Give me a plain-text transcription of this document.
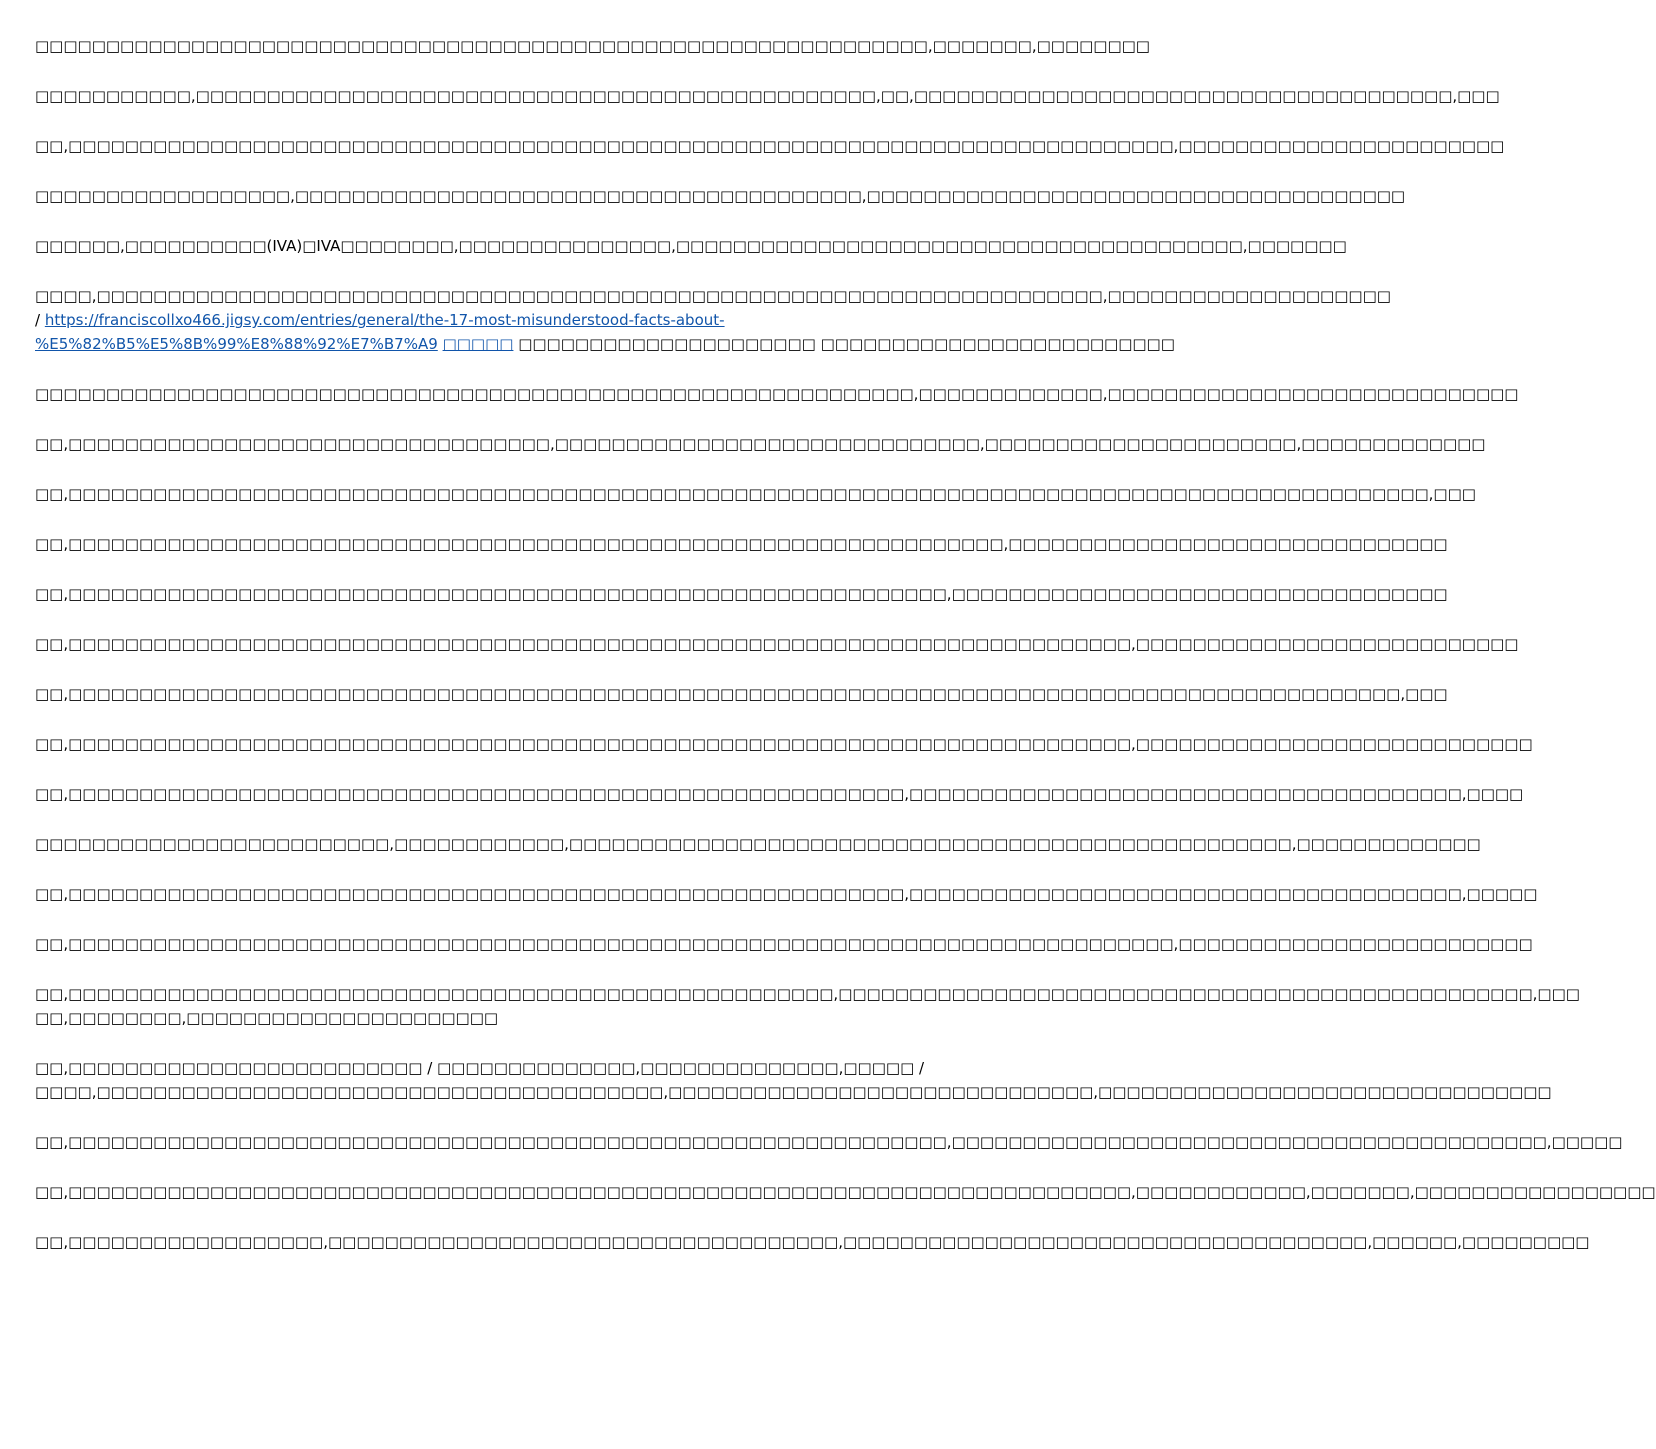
□□□□□□□□□□□□□□□□□□□□□□□□□□□□□□□□□□□□□□□□□□□□□□□□□□□□□□□□□□□□□□□,□□□□□□□,□□□□□□□□

□□□□□□□□□□□,□□□□□□□□□□□□□□□□□□□□□□□□□□□□□□□□□□□□□□□□□□□□□□□□,□□,□□□□□□□□□□□□□□□□□□□□□□□□□□□□□□□□□□□□□□,□□□

□□,□□□□□□□□□□□□□□□□□□□□□□□□□□□□□□□□□□□□□□□□□□□□□□□□□□□□□□□□□□□□□□□□□□□□□□□□□□□□□□,□□□□□□□□□□□□□□□□□□□□□□□

□□□□□□□□□□□□□□□□□□,□□□□□□□□□□□□□□□□□□□□□□□□□□□□□□□□□□□□□□□□,□□□□□□□□□□□□□□□□□□□□□□□□□□□□□□□□□□□□□□

□□□□□□,□□□□□□□□□□(IVA)□IVA□□□□□□□□,□□□□□□□□□□□□□□□,□□□□□□□□□□□□□□□□□□□□□□□□□□□□□□□□□□□□□□□□,□□□□□□□

□□□□,□□□□□□□□□□□□□□□□□□□□□□□□□□□□□□□□□□□□□□□□□□□□□□□□□□□□□□□□□□□□□□□□□□□□□□□,□□□□□□□□□□□□□□□□□□□□
/ https://franciscollxo466.jigsy.com/entries/general/the-17-most-misunderstood-facts-about-
%E5%82%B5%E5%8B%99%E8%88%92%E7%B7%A9 □□□□□ □□□□□□□□□□□□□□□□□□□□□ □□□□□□□□□□□□□□□□□□□□□□□□□

□□□□□□□□□□□□□□□□□□□□□□□□□□□□□□□□□□□□□□□□□□□□□□□□□□□□□□□□□□□□□□,□□□□□□□□□□□□□,□□□□□□□□□□□□□□□□□□□□□□□□□□□□□

□□,□□□□□□□□□□□□□□□□□□□□□□□□□□□□□□□□□□,□□□□□□□□□□□□□□□□□□□□□□□□□□□□□□,□□□□□□□□□□□□□□□□□□□□□□,□□□□□□□□□□□□□

□□,□□□□□□□□□□□□□□□□□□□□□□□□□□□□□□□□□□□□□□□□□□□□□□□□□□□□□□□□□□□□□□□□□□□□□□□□□□□□□□□□□□□□□□□□□□□□□□□□,□□□

□□,□□□□□□□□□□□□□□□□□□□□□□□□□□□□□□□□□□□□□□□□□□□□□□□□□□□□□□□□□□□□□□□□□□,□□□□□□□□□□□□□□□□□□□□□□□□□□□□□□□

□□,□□□□□□□□□□□□□□□□□□□□□□□□□□□□□□□□□□□□□□□□□□□□□□□□□□□□□□□□□□□□□□,□□□□□□□□□□□□□□□□□□□□□□□□□□□□□□□□□□□

□□,□□□□□□□□□□□□□□□□□□□□□□□□□□□□□□□□□□□□□□□□□□□□□□□□□□□□□□□□□□□□□□□□□□□□□□□□□□□,□□□□□□□□□□□□□□□□□□□□□□□□□□□

□□,□□□□□□□□□□□□□□□□□□□□□□□□□□□□□□□□□□□□□□□□□□□□□□□□□□□□□□□□□□□□□□□□□□□□□□□□□□□□□□□□□□□□□□□□□□□□□□,□□□

□□,□□□□□□□□□□□□□□□□□□□□□□□□□□□□□□□□□□□□□□□□□□□□□□□□□□□□□□□□□□□□□□□□□□□□□□□□□□□,□□□□□□□□□□□□□□□□□□□□□□□□□□□□

□□,□□□□□□□□□□□□□□□□□□□□□□□□□□□□□□□□□□□□□□□□□□□□□□□□□□□□□□□□□□□,□□□□□□□□□□□□□□□□□□□□□□□□□□□□□□□□□□□□□□□,□□□□

□□□□□□□□□□□□□□□□□□□□□□□□□,□□□□□□□□□□□□,□□□□□□□□□□□□□□□□□□□□□□□□□□□□□□□□□□□□□□□□□□□□□□□□□□□,□□□□□□□□□□□□□

□□,□□□□□□□□□□□□□□□□□□□□□□□□□□□□□□□□□□□□□□□□□□□□□□□□□□□□□□□□□□□,□□□□□□□□□□□□□□□□□□□□□□□□□□□□□□□□□□□□□□□,□□□□□

□□,□□□□□□□□□□□□□□□□□□□□□□□□□□□□□□□□□□□□□□□□□□□□□□□□□□□□□□□□□□□□□□□□□□□□□□□□□□□□□□,□□□□□□□□□□□□□□□□□□□□□□□□□

□□,□□□□□□□□□□□□□□□□□□□□□□□□□□□□□□□□□□□□□□□□□□□□□□□□□□□□□□,□□□□□□□□□□□□□□□□□□□□□□□□□□□□□□□□□□□□□□□□□□□□□□□□□,□□□
□□,□□□□□□□□,□□□□□□□□□□□□□□□□□□□□□□
□□,□□□□□□□□□□□□□□□□□□□□□□□□□ / □□□□□□□□□□□□□□,□□□□□□□□□□□□□□,□□□□□ /
□□□□,□□□□□□□□□□□□□□□□□□□□□□□□□□□□□□□□□□□□□□□□,□□□□□□□□□□□□□□□□□□□□□□□□□□□□□□,□□□□□□□□□□□□□□□□□□□□□□□□□□□□□□□□

□□,□□□□□□□□□□□□□□□□□□□□□□□□□□□□□□□□□□□□□□□□□□□□□□□□□□□□□□□□□□□□□□,□□□□□□□□□□□□□□□□□□□□□□□□□□□□□□□□□□□□□□□□□□,□□□□□

□□,□□□□□□□□□□□□□□□□□□□□□□□□□□□□□□□□□□□□□□□□□□□□□□□□□□□□□□□□□□□□□□□□□□□□□□□□□□□,□□□□□□□□□□□□,□□□□□□□,□□□□□□□□□□□□□□□□□

□□,□□□□□□□□□□□□□□□□□□,□□□□□□□□□□□□□□□□□□□□□□□□□□□□□□□□□□□□,□□□□□□□□□□□□□□□□□□□□□□□□□□□□□□□□□□□□□,□□□□□□,□□□□□□□□□
